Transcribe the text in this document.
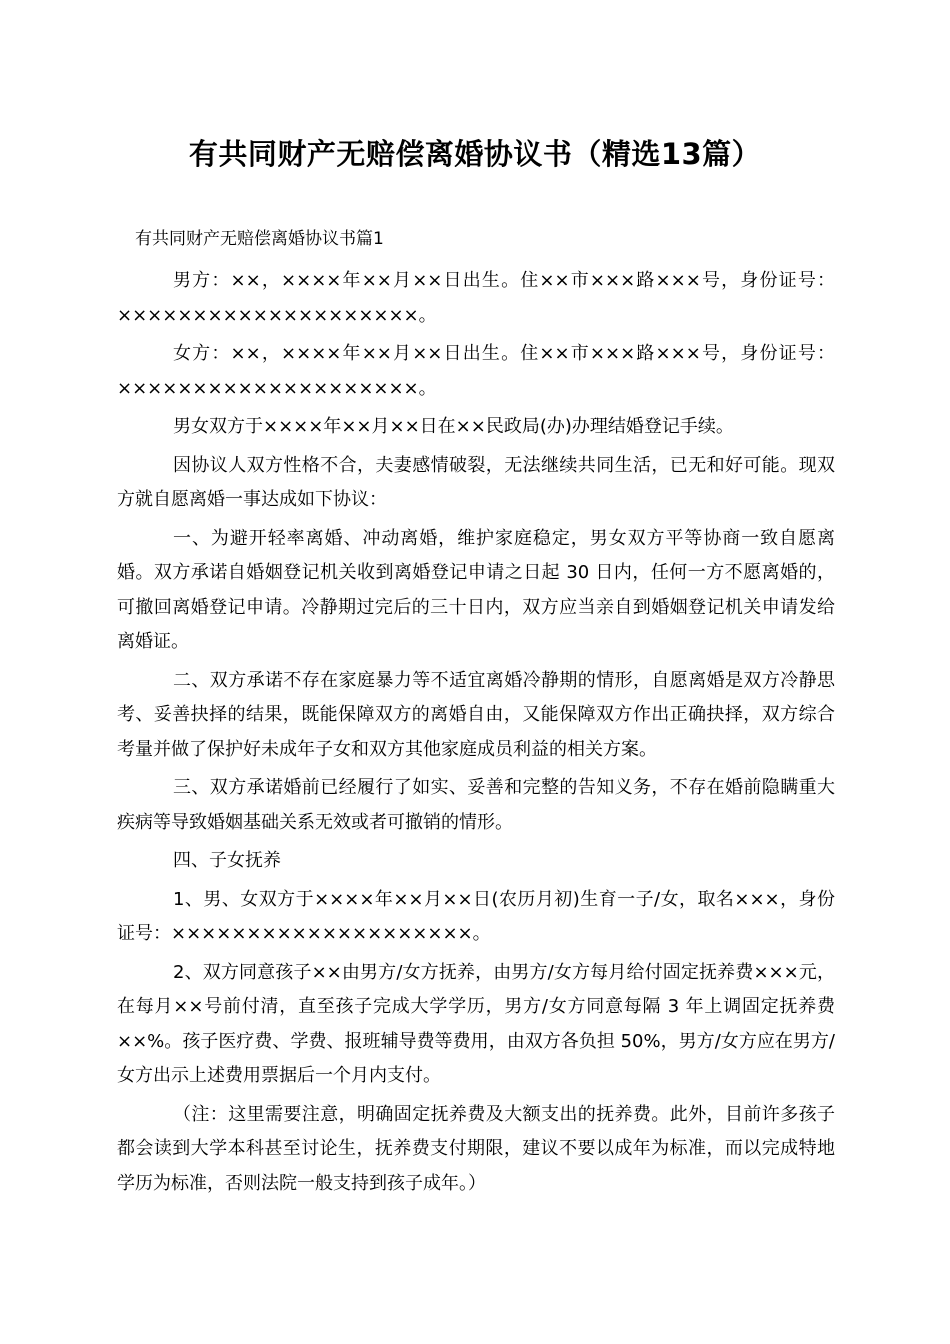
有共同财产无赔偿离婚协议书（精选13篇）
有共同财产无赔偿离婚协议书篇1

男方：××，××××年××月××日出生。住××市×××路×××号，身份证号：××××××××××××××××××××。

女方：××，××××年××月××日出生。住××市×××路×××号，身份证号：××××××××××××××××××××。

男女双方于××××年××月××日在××民政局(办)办理结婚登记手续。

因协议人双方性格不合，夫妻感情破裂，无法继续共同生活，已无和好可能。现双方就自愿离婚一事达成如下协议：

一、为避开轻率离婚、冲动离婚，维护家庭稳定，男女双方平等协商一致自愿离婚。双方承诺自婚姻登记机关收到离婚登记申请之日起 30 日内，任何一方不愿离婚的，可撤回离婚登记申请。冷静期过完后的三十日内，双方应当亲自到婚姻登记机关申请发给离婚证。

二、双方承诺不存在家庭暴力等不适宜离婚冷静期的情形，自愿离婚是双方冷静思考、妥善抉择的结果，既能保障双方的离婚自由，又能保障双方作出正确抉择，双方综合考量并做了保护好未成年子女和双方其他家庭成员利益的相关方案。

三、双方承诺婚前已经履行了如实、妥善和完整的告知义务，不存在婚前隐瞒重大疾病等导致婚姻基础关系无效或者可撤销的情形。

四、子女抚养

1、男、女双方于××××年××月××日(农历月初)生育一子/女，取名×××，身份证号：××××××××××××××××××××。

2、双方同意孩子××由男方/女方抚养，由男方/女方每月给付固定抚养费×××元，在每月××号前付清，直至孩子完成大学学历，男方/女方同意每隔 3 年上调固定抚养费××%。孩子医疗费、学费、报班辅导费等费用，由双方各负担 50%，男方/女方应在男方/女方出示上述费用票据后一个月内支付。

（注：这里需要注意，明确固定抚养费及大额支出的抚养费。此外，目前许多孩子都会读到大学本科甚至讨论生，抚养费支付期限，建议不要以成年为标准，而以完成特地学历为标准，否则法院一般支持到孩子成年。）
